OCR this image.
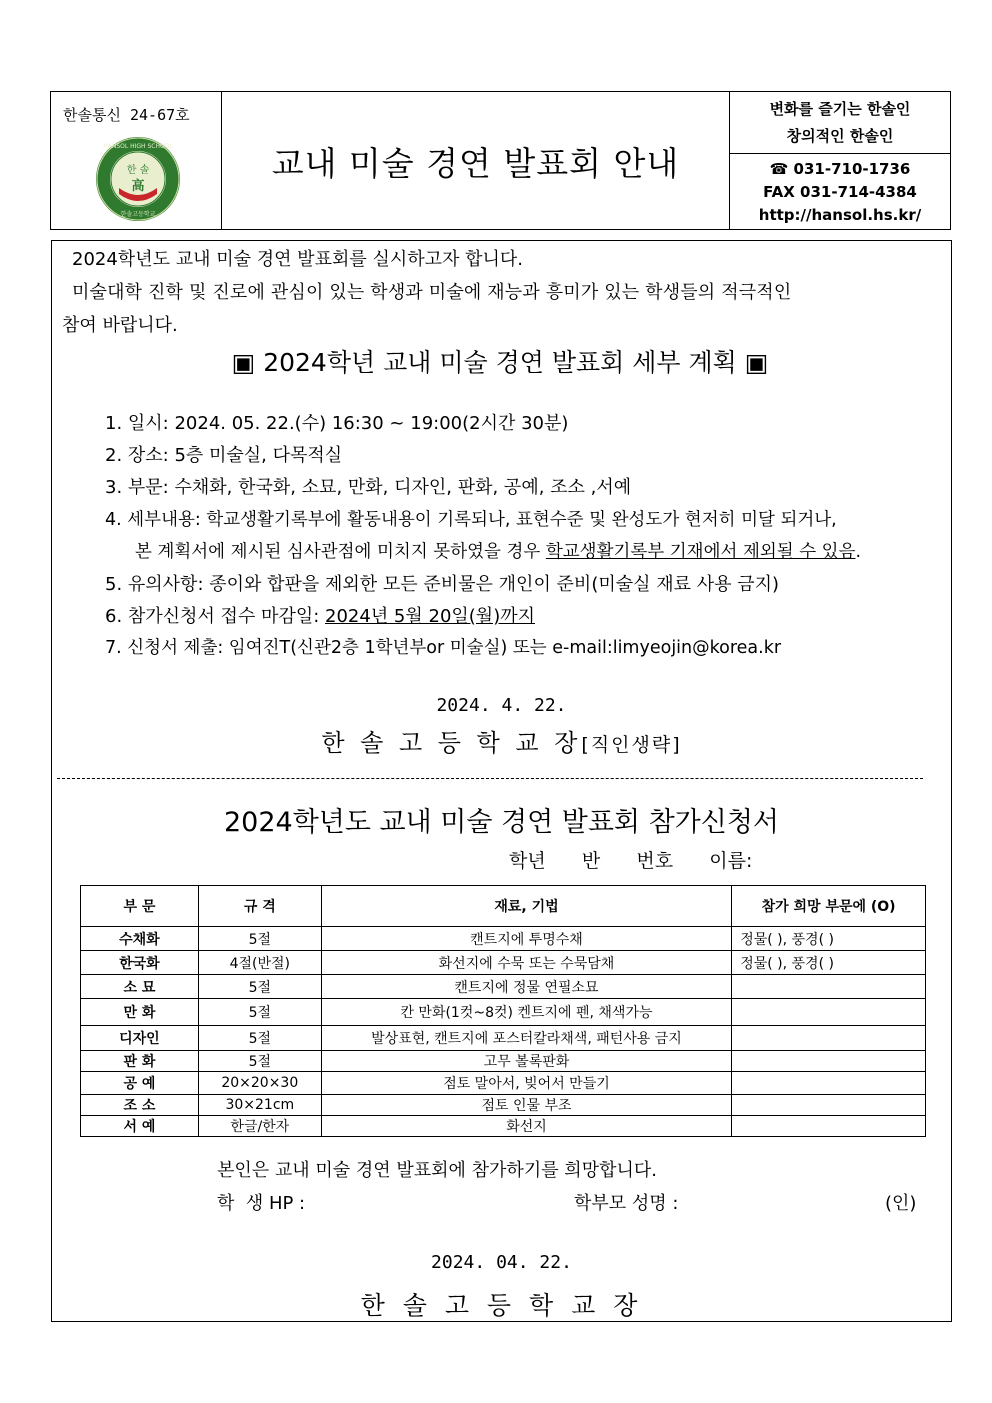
한솔통신 24-67호
한 솔
高
HANSOL HIGH SCHOOL
한솔고등학교
교내 미술 경연 발표회 안내
변화를 즐기는 한솔인
창의적인 한솔인
☎ 031-710-1736
FAX 031-714-4384
http://hansol.hs.kr/
2024학년도 교내 미술 경연 발표회를 실시하고자 합니다.
미술대학 진학 및 진로에 관심이 있는 학생과 미술에 재능과 흥미가 있는 학생들의 적극적인
참여 바랍니다.
▣ 2024학년 교내 미술 경연 발표회 세부 계획 ▣
1. 일시: 2024. 05. 22.(수) 16:30 ~ 19:00(2시간 30분)
2. 장소: 5층 미술실, 다목적실
3. 부문: 수채화, 한국화, 소묘, 만화, 디자인, 판화, 공예, 조소 ,서예
4. 세부내용: 학교생활기록부에 활동내용이 기록되나, 표현수준 및 완성도가 현저히 미달 되거나,
본 계획서에 제시된 심사관점에 미치지 못하였을 경우 학교생활기록부 기재에서 제외될 수 있음.
5. 유의사항: 종이와 합판을 제외한 모든 준비물은 개인이 준비(미술실 재료 사용 금지)
6. 참가신청서 접수 마감일: 2024년 5월 20일(월)까지
7. 신청서 제출: 임여진T(신관2층 1학년부or 미술실) 또는 e-mail:limyeojin@korea.kr
2024. 4. 22.
한 솔 고 등 학 교 장[직인생략]
2024학년도 교내 미술 경연 발표회 참가신청서
학년    반    번호    이름:
부 문	규 격	재료, 기법	참가 희망 부문에 (O)
수채화	5절	캔트지에 투명수채	정물( ), 풍경( )
한국화	4절(반절)	화선지에 수묵 또는 수묵담채	정물( ), 풍경( )
소 묘	5절	캔트지에 정물 연필소묘	
만 화	5절	칸 만화(1컷~8컷) 켄트지에 펜, 채색가능	
디자인	5절	발상표현, 캔트지에 포스터칼라채색, 패턴사용 금지	
판 화	5절	고무 볼록판화	
공 예	20×20×30	점토 말아서, 빚어서 만들기	
조 소	30×21cm	점토 인물 부조	
서 예	한글/한자	화선지	
본인은 교내 미술 경연 발표회에 참가하기를 희망합니다.
학  생 HP :	학부모 성명 :	(인)
2024. 04. 22.
한 솔 고 등 학 교 장
